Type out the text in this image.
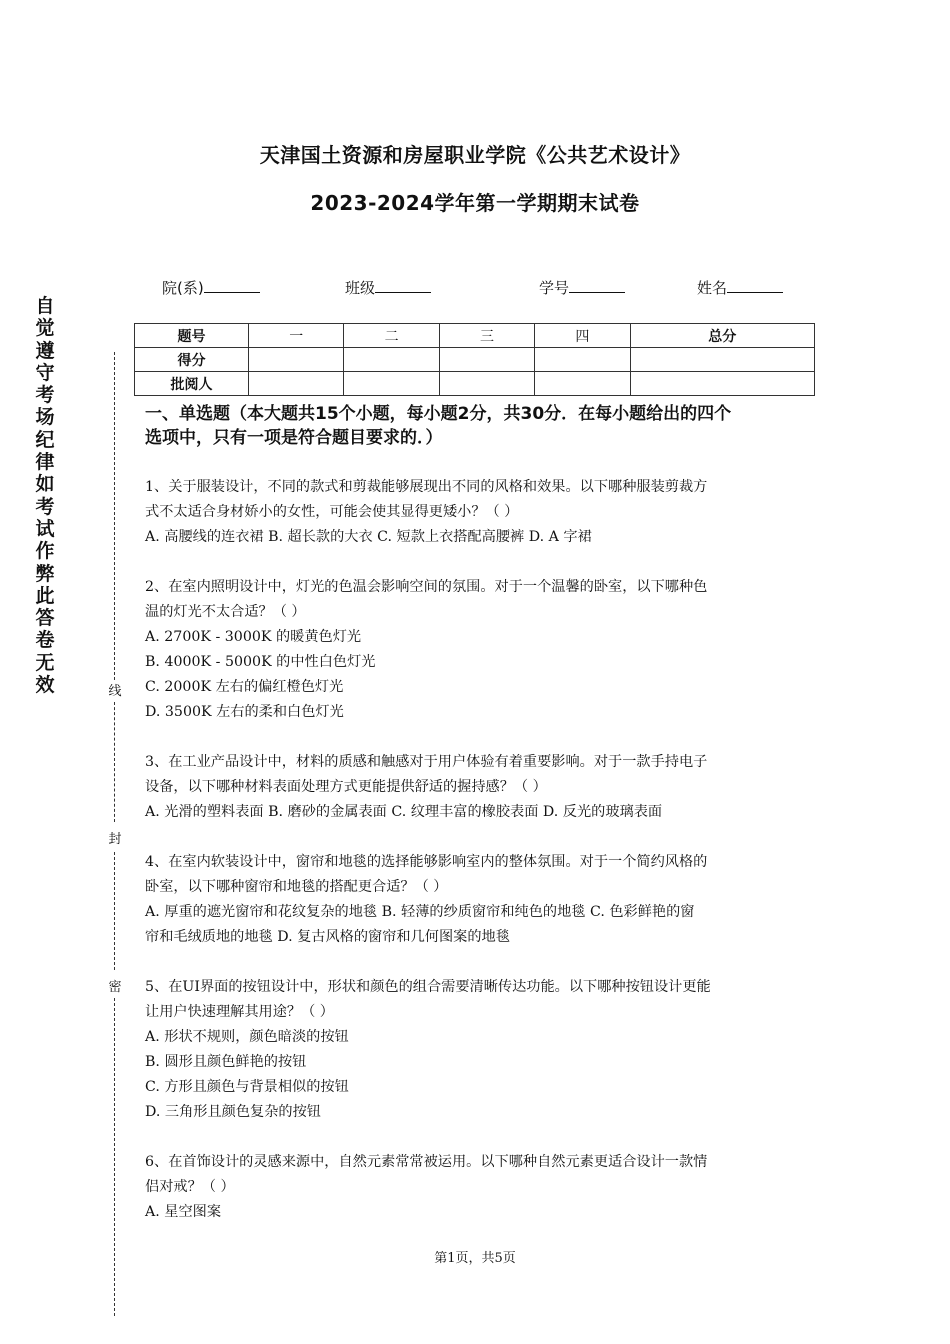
天津国土资源和房屋职业学院《公共艺术设计》
2023-2024学年第一学期期末试卷
院(系)	班级	学号	姓名
题号	一	二	三	四	总分
得分					
批阅人					
自觉遵守考场纪律如考试作弊此答卷无效	线
封
密
一、单选题（本大题共15个小题，每小题2分，共30分．在每小题给出的四个
选项中，只有一项是符合题目要求的．）
1、关于服装设计，不同的款式和剪裁能够展现出不同的风格和效果。以下哪种服装剪裁方
式不太适合身材娇小的女性，可能会使其显得更矮小？（ ）
A. 高腰线的连衣裙 B. 超长款的大衣 C. 短款上衣搭配高腰裤 D. A 字裙
2、在室内照明设计中，灯光的色温会影响空间的氛围。对于一个温馨的卧室，以下哪种色
温的灯光不太合适？（ ）
A. 2700K - 3000K 的暖黄色灯光
B. 4000K - 5000K 的中性白色灯光
C. 2000K 左右的偏红橙色灯光
D. 3500K 左右的柔和白色灯光
3、在工业产品设计中，材料的质感和触感对于用户体验有着重要影响。对于一款手持电子
设备，以下哪种材料表面处理方式更能提供舒适的握持感？（ ）
A. 光滑的塑料表面 B. 磨砂的金属表面 C. 纹理丰富的橡胶表面 D. 反光的玻璃表面
4、在室内软装设计中，窗帘和地毯的选择能够影响室内的整体氛围。对于一个简约风格的
卧室，以下哪种窗帘和地毯的搭配更合适？（ ）
A. 厚重的遮光窗帘和花纹复杂的地毯 B. 轻薄的纱质窗帘和纯色的地毯 C. 色彩鲜艳的窗
帘和毛绒质地的地毯 D. 复古风格的窗帘和几何图案的地毯
5、在UI界面的按钮设计中，形状和颜色的组合需要清晰传达功能。以下哪种按钮设计更能
让用户快速理解其用途？（ ）
A. 形状不规则，颜色暗淡的按钮
B. 圆形且颜色鲜艳的按钮
C. 方形且颜色与背景相似的按钮
D. 三角形且颜色复杂的按钮
6、在首饰设计的灵感来源中，自然元素常常被运用。以下哪种自然元素更适合设计一款情
侣对戒？（ ）
A. 星空图案
第1页，共5页
